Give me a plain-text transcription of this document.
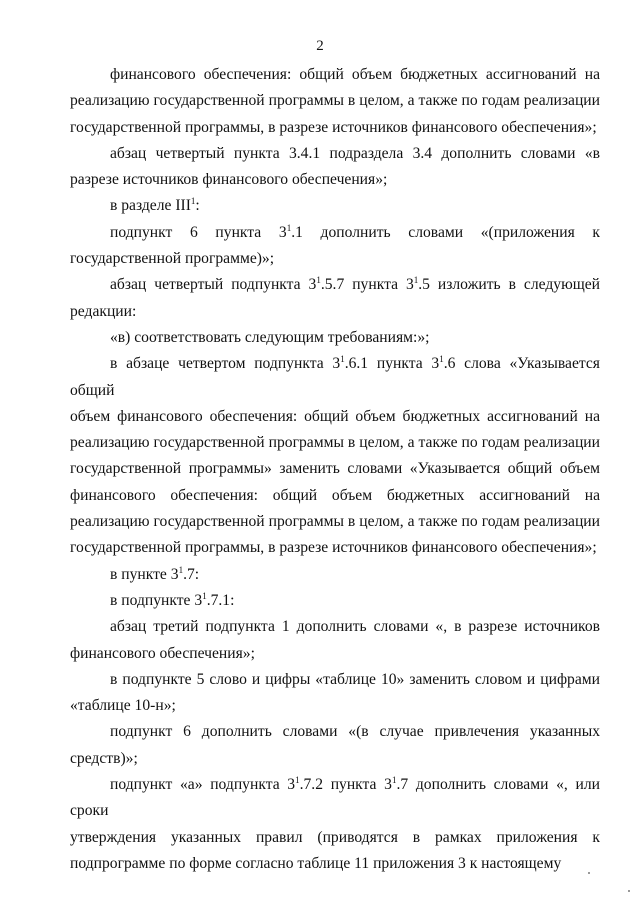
2

финансового обеспечения: общий объем бюджетных ассигнований на

реализацию государственной программы в целом, а также по годам реализации

государственной программы, в разрезе источников финансового обеспечения»;

абзац четвертый пункта 3.4.1 подраздела 3.4 дополнить словами «в

разрезе источников финансового обеспечения»;

в разделе III$^1$:

подпункт 6 пункта $3^1.1$ дополнить словами «(приложения к

государственной программе)»;

абзац четвертый подпункта $3^1.5.7$ пункта $3^1.5$ изложить в следующей

редакции:

«в) соответствовать следующим требованиям:»;

в абзаце четвертом подпункта $3^1.6.1$ пункта $3^1.6$ слова «Указывается общий

объем финансового обеспечения: общий объем бюджетных ассигнований на

реализацию государственной программы в целом, а также по годам реализации

государственной программы» заменить словами «Указывается общий объем

финансового обеспечения: общий объем бюджетных ассигнований на

реализацию государственной программы в целом, а также по годам реализации

государственной программы, в разрезе источников финансового обеспечения»;

в пункте $3^1.7$:

в подпункте $3^1.7.1$:

абзац третий подпункта 1 дополнить словами «, в разрезе источников

финансового обеспечения»;

в подпункте 5 слово и цифры «таблице 10» заменить словом и цифрами

«таблице 10-н»;

подпункт 6 дополнить словами «(в случае привлечения указанных

средств)»;

подпункт «а» подпункта $3^1.7.2$ пункта $3^1.7$ дополнить словами «, или сроки

утверждения указанных правил (приводятся в рамках приложения к

подпрограмме по форме согласно таблице 11 приложения 3 к настоящему
